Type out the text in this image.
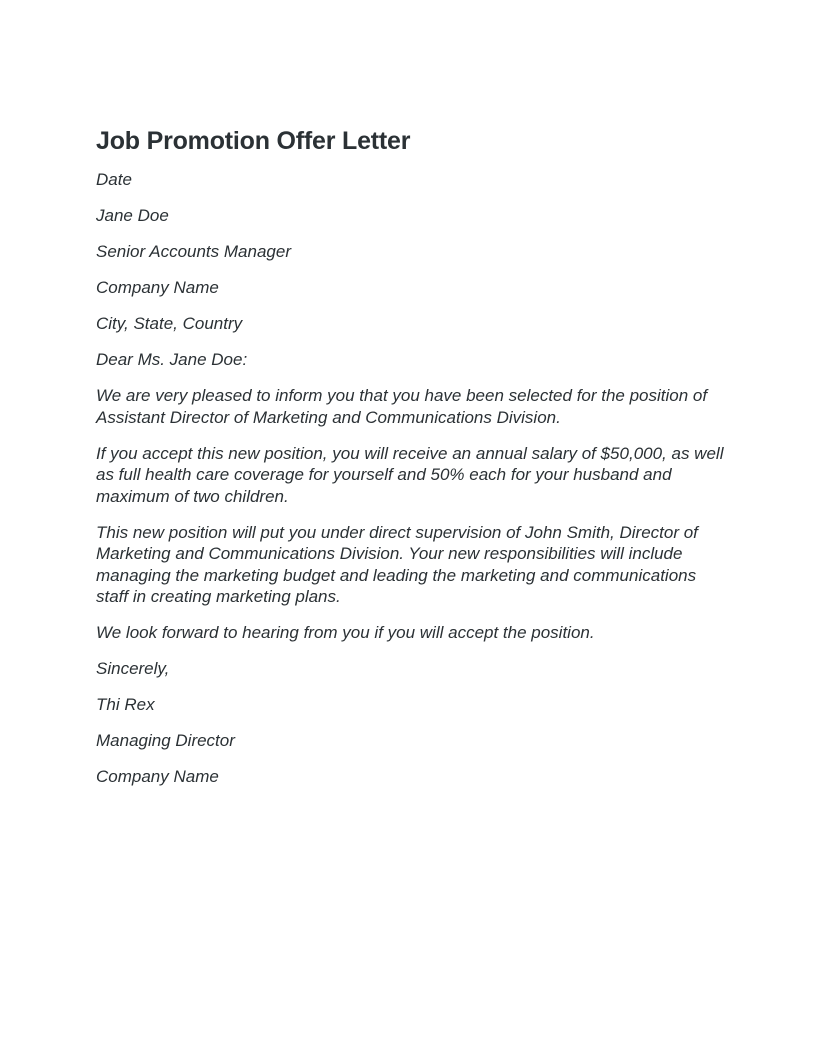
Job Promotion Offer Letter
Date
Jane Doe
Senior Accounts Manager
Company Name
City, State, Country
Dear Ms. Jane Doe:
We are very pleased to inform you that you have been selected for the position of Assistant Director of Marketing and Communications Division.
If you accept this new position, you will receive an annual salary of $50,000, as well as full health care coverage for yourself and 50% each for your husband and maximum of two children.
This new position will put you under direct supervision of John Smith, Director of Marketing and Communications Division. Your new responsibilities will include managing the marketing budget and leading the marketing and communications staff in creating marketing plans.
We look forward to hearing from you if you will accept the position.
Sincerely,
Thi Rex
Managing Director
Company Name
